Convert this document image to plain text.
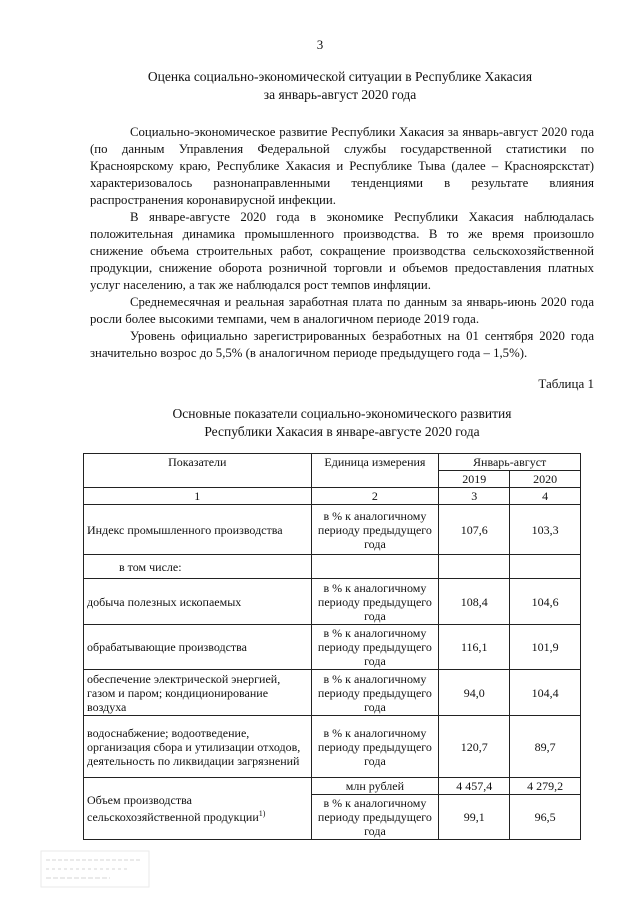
3
Оценка социально-экономической ситуации в Республике Хакасия
за январь-август 2020 года

Социально-экономическое развитие Республики Хакасия за январь-август 2020 года (по данным Управления Федеральной службы государственной статистики по Красноярскому краю, Республике Хакасия и Республике Тыва (далее – Красноярскстат) характеризовалось разнонаправленными тенденциями в результате влияния распространения коронавирусной инфекции.

В январе-августе 2020 года в экономике Республики Хакасия наблюдалась положительная динамика промышленного производства. В то же время произошло снижение объема строительных работ, сокращение производства сельскохозяйственной продукции, снижение оборота розничной торговли и объемов предоставления платных услуг населению, а так же наблюдался рост темпов инфляции.

Среднемесячная и реальная заработная плата по данным за январь-июнь 2020 года росли более высокими темпами, чем в аналогичном периоде 2019 года.

Уровень официально зарегистрированных безработных на 01 сентября 2020 года значительно возрос до 5,5% (в аналогичном периоде предыдущего года – 1,5%).

Таблица 1
Основные показатели социально-экономического развития
Республики Хакасия в январе-августе 2020 года
Показатели	Единица измерения	Январь-август	
		2019	2020
1	2	3	4
Индекс промышленного производства	в % к аналогичному периоду предыдущего года	107,6	103,3
в том числе:			
добыча полезных ископаемых	в % к аналогичному периоду предыдущего года	108,4	104,6
обрабатывающие производства	в % к аналогичному периоду предыдущего года	116,1	101,9
обеспечение электрической энергией, газом и паром; кондиционирование воздуха	в % к аналогичному периоду предыдущего года	94,0	104,4
водоснабжение; водоотведение, организация сбора и утилизации отходов, деятельность по ликвидации загрязнений	в % к аналогичному периоду предыдущего года	120,7	89,7
Объем производства сельскохозяйственной продукции$^{1)}$	млн рублей	4 457,4	4 279,2
	в % к аналогичному периоду предыдущего года	99,1	96,5
